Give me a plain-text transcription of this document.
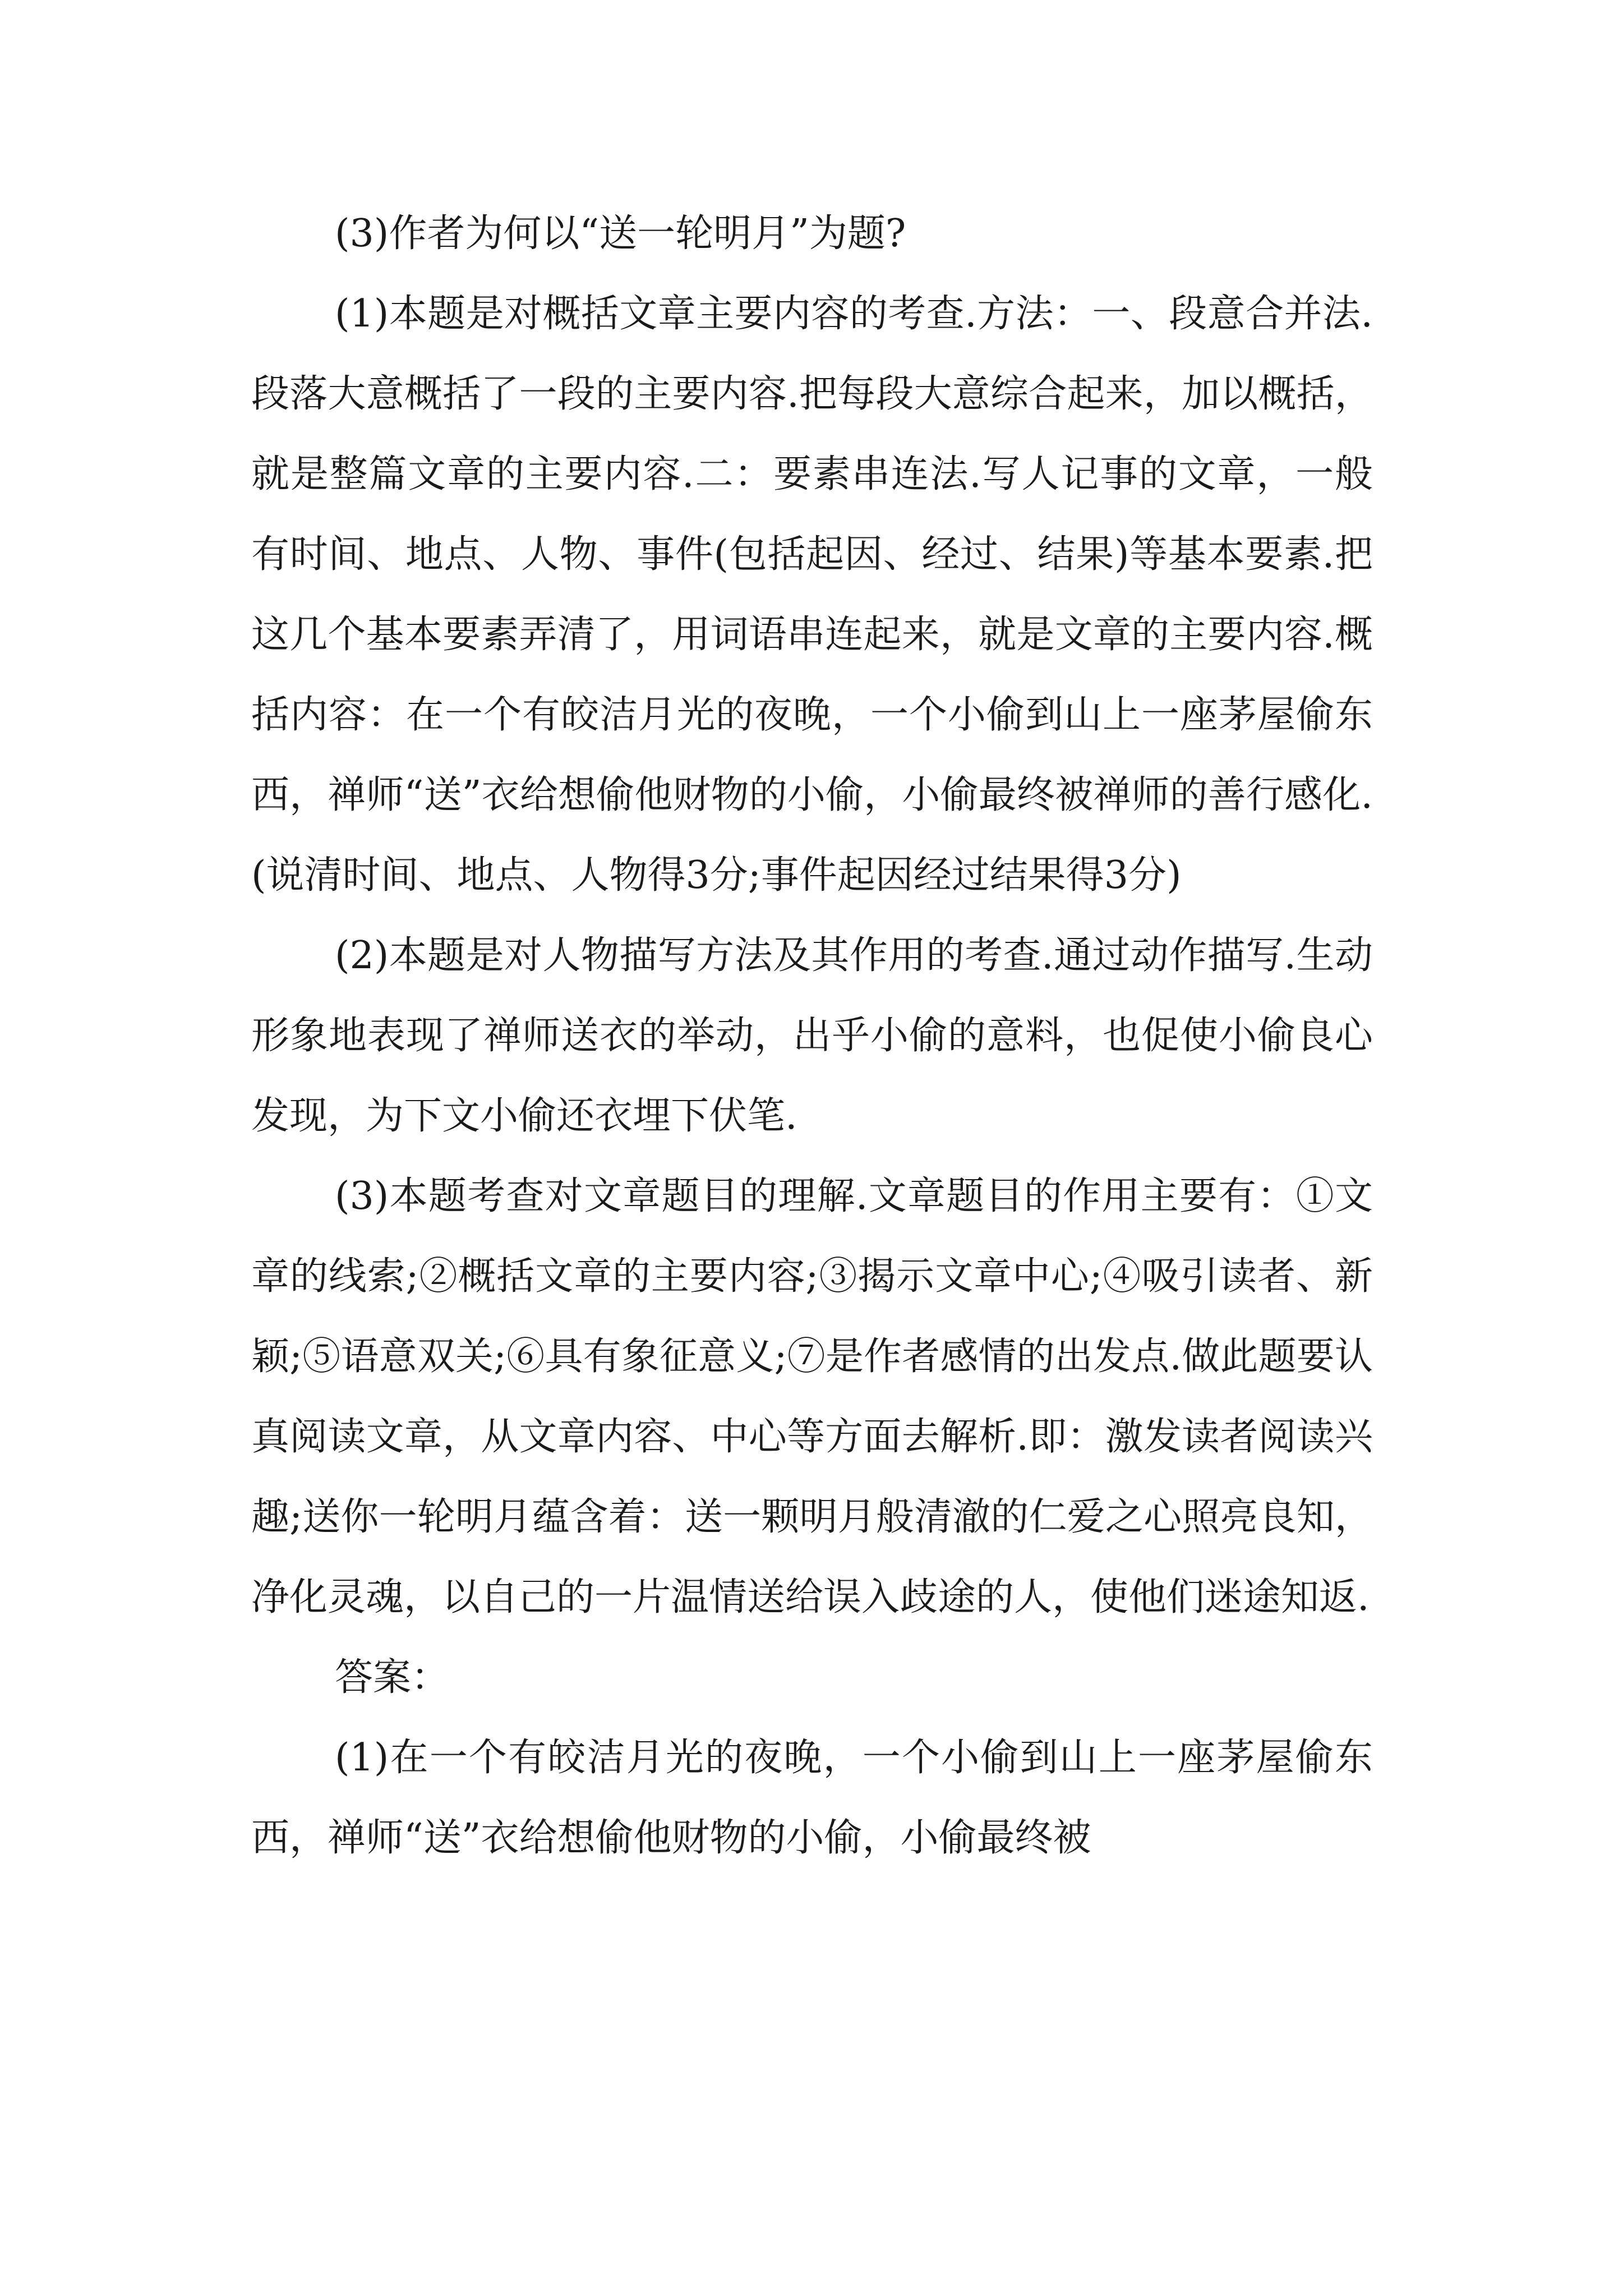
(3)作者为何以“送一轮明月”为题?

(1)本题是对概括文章主要内容的考查.方法：一、段意合并法.段落大意概括了一段的主要内容.把每段大意综合起来，加以概括，就是整篇文章的主要内容.二：要素串连法.写人记事的文章，一般有时间、地点、人物、事件(包括起因、经过、结果)等基本要素.把这几个基本要素弄清了，用词语串连起来，就是文章的主要内容.概括内容：在一个有皎洁月光的夜晚，一个小偷到山上一座茅屋偷东西，禅师“送”衣给想偷他财物的小偷，小偷最终被禅师的善行感化.(说清时间、地点、人物得3分;事件起因经过结果得3分)

(2)本题是对人物描写方法及其作用的考查.通过动作描写.生动形象地表现了禅师送衣的举动，出乎小偷的意料，也促使小偷良心发现，为下文小偷还衣埋下伏笔.

(3)本题考查对文章题目的理解.文章题目的作用主要有：①文章的线索;②概括文章的主要内容;③揭示文章中心;④吸引读者、新颖;⑤语意双关;⑥具有象征意义;⑦是作者感情的出发点.做此题要认真阅读文章，从文章内容、中心等方面去解析.即：激发读者阅读兴趣;送你一轮明月蕴含着：送一颗明月般清澈的仁爱之心照亮良知，净化灵魂，以自己的一片温情送给误入歧途的人，使他们迷途知返.

答案：

(1)在一个有皎洁月光的夜晚，一个小偷到山上一座茅屋偷东西，禅师“送”衣给想偷他财物的小偷，小偷最终被
